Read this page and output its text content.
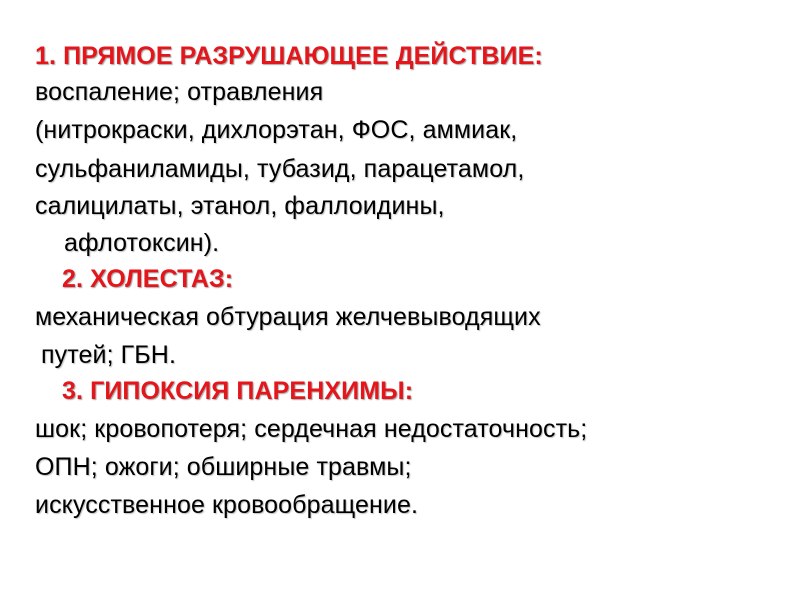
1. ПРЯМОЕ РАЗРУШАЮЩЕЕ ДЕЙСТВИЕ:
воспаление; отравления
(нитрокраски, дихлорэтан, ФОС, аммиак,
сульфаниламиды, тубазид, парацетамол,
салицилаты, этанол, фаллоидины,
афлотоксин).
2. ХОЛЕСТАЗ:
механическая обтурация желчевыводящих
путей; ГБН.
3. ГИПОКСИЯ ПАРЕНХИМЫ:
шок; кровопотеря; сердечная недостаточность;
ОПН; ожоги; обширные травмы;
искусственное кровообращение.
